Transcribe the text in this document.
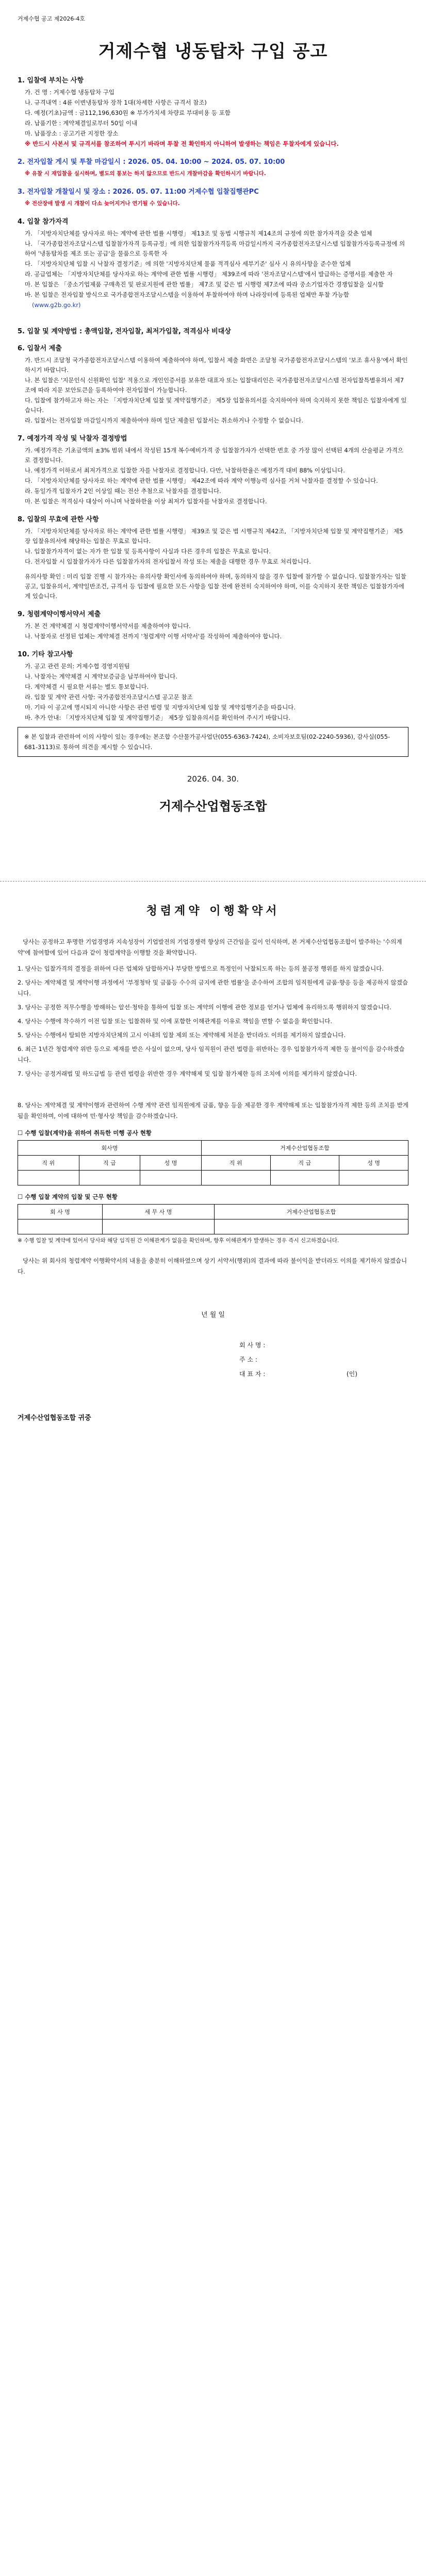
거제수협 공고 제2026-4호
거제수협 냉동탑차 구입 공고
1. 입찰에 부치는 사항
가. 건 명 : 거제수협 냉동탑차 구입
나. 규격내역 : 4륜 이변냉동탑차 장착 1대(차세한 사항은 규격서 참조)
다. 예정(기초)금액 : 금112,196,630원 ※ 부가가치세 차량료 부대비용 등 포함
라. 납품기한 : 계약체결일로부터 50일 이내
마. 납품장소 : 공고기관 지정한 장소
※ 반드시 사본서 및 규격서를 참조하여 투시기 바라며 투찰 전 확인하지 아니하여 발생하는 책임은 투찰자에게 있습니다.
2. 전자입찰 게시 및 투찰 마감일시 : 2026. 05. 04. 10:00 ~ 2024. 05. 07. 10:00
※ 유찰 시 재입찰을 실시하며, 별도의 통보는 하지 않으므로 반드시 개찰마감을 확인하시기 바랍니다.
3. 전자입찰 개찰일시 및 장소 : 2026. 05. 07. 11:00 거제수협 입찰집행관PC
※ 전산장애 발생 시 개찰이 다소 늦어지거나 연기될 수 있습니다.
4. 입찰 참가자격
가. 「지방자치단체를 당사자로 하는 계약에 관한 법률 시행령」 제13조 및 동법 시행규칙 제14조의 규정에 의한 참가자격을 갖춘 업체
나. 「국가종합전자조달시스템 입찰참가자격 등록규정」에 의한 입찰참가자격등록 마감일시까지 국가종합전자조달시스템 입찰참가자등록규정에 의하여 '냉동탑차를 제조 또는 공급'을 물품으로 등록한 자
다. 「지방자치단체 입찰 시 낙찰자 결정기준」에 의한 '지방자치단체 물품 적격심사 세부기준' 심사 시 유의사항을 준수한 업체
라. 공급업체는 「지방자치단체를 당사자로 하는 계약에 관한 법률 시행령」 제39조에 따라 '전자조달시스템'에서 발급하는 증명서를 제출한 자
마. 본 입찰은 「중소기업제품 구매촉진 및 판로지원에 관한 법률」 제7조 및 같은 법 시행령 제7조에 따라 중소기업자간 경쟁입찰을 실시함
바. 본 입찰은 전자입찰 방식으로 국가종합전자조달시스템을 이용하여 투찰하여야 하며 나라장터에 등록된 업체만 투찰 가능함
(www.g2b.go.kr)
5. 입찰 및 계약방법 : 총액입찰, 전자입찰, 최저가입찰, 적격심사 비대상
6. 입찰서 제출
가. 반드시 조달청 국가종합전자조달시스템 이용하여 제출하여야 하며, 입찰서 제출 화면은 조달청 국가종합전자조달시스템의 '보조 휴사용'에서 확인하시기 바랍니다.
나. 본 입찰은 '지문인식 신원확인 입찰' 적용으로 개인인증서를 보유한 대표자 또는 입찰대리인은 국가종합전자조달시스템 전자입찰특별유의서 제7조에 따라 지문 보안토큰을 등록하여야 전자입찰이 가능합니다.
다. 입찰에 참가하고자 하는 자는 「지방자치단체 입찰 및 계약집행기준」 제5장 입찰유의서를 숙지하여야 하며 숙지하지 못한 책임은 입찰자에게 있습니다.
라. 입찰서는 전자입찰 마감일시까지 제출하여야 하며 일단 제출된 입찰서는 취소하거나 수정할 수 없습니다.
7. 예정가격 작성 및 낙찰자 결정방법
가. 예정가격은 기초금액의 ±3% 범위 내에서 작성된 15개 복수예비가격 중 입찰참가자가 선택한 번호 중 가장 많이 선택된 4개의 산술평균 가격으로 결정합니다.
나. 예정가격 이하로서 최저가격으로 입찰한 자를 낙찰자로 결정합니다. 다만, 낙찰하한율은 예정가격 대비 88% 이상입니다.
다. 「지방자치단체를 당사자로 하는 계약에 관한 법률 시행령」 제42조에 따라 계약 이행능력 심사를 거쳐 낙찰자를 결정할 수 있습니다.
라. 동일가격 입찰자가 2인 이상일 때는 전산 추첨으로 낙찰자를 결정합니다.
마. 본 입찰은 적격심사 대상이 아니며 낙찰하한율 이상 최저가 입찰자를 낙찰자로 결정합니다.
8. 입찰의 무효에 관한 사항
가. 「지방자치단체를 당사자로 하는 계약에 관한 법률 시행령」 제39조 및 같은 법 시행규칙 제42조, 「지방자치단체 입찰 및 계약집행기준」 제5장 입찰유의서에 해당하는 입찰은 무효로 합니다.
나. 입찰참가자격이 없는 자가 한 입찰 및 등록사항이 사실과 다른 경우의 입찰은 무효로 합니다.
다. 전자입찰 시 입찰참가자가 다른 입찰참가자의 전자입찰서 작성 또는 제출을 대행한 경우 무효로 처리합니다.
유의사항 확인 : 미리 입찰 진행 시 참가자는 유의사항 확인서에 동의하여야 하며, 동의하지 않을 경우 입찰에 참가할 수 없습니다. 입찰참가자는 입찰공고, 입찰유의서, 계약일반조건, 규격서 등 입찰에 필요한 모든 사항을 입찰 전에 완전히 숙지하여야 하며, 이를 숙지하지 못한 책임은 입찰참가자에게 있습니다.
9. 청렴계약이행서약서 제출
가. 본 건 계약체결 시 청렴계약이행서약서를 제출하여야 합니다.
나. 낙찰자로 선정된 업체는 계약체결 전까지 '청렴계약 이행 서약서'를 작성하여 제출하여야 합니다.
10. 기타 참고사항
가. 공고 관련 문의: 거제수협 경영지원팀
나. 낙찰자는 계약체결 시 계약보증금을 납부하여야 합니다.
다. 계약체결 시 필요한 서류는 별도 통보합니다.
라. 입찰 및 계약 관련 사항: 국가종합전자조달시스템 공고문 참조
마. 기타 이 공고에 명시되지 아니한 사항은 관련 법령 및 지방자치단체 입찰 및 계약집행기준을 따릅니다.
바. 추가 안내: 「지방자치단체 입찰 및 계약집행기준」 제5장 입찰유의서를 확인하여 주시기 바랍니다.
※ 본 입찰과 관련하여 이의 사항이 있는 경우에는 본조합 수산물가공사업단(055-6363-7424), 소비자보호팀(02-2240-5936), 감사실(055-681-3113)로 통하여 의견을 제시할 수 있습니다.
2026. 04. 30.
거제수산업협동조합
청렴계약 이행확약서
당사는 공정하고 투명한 기업경영과 지속성장이 기업발전의 기업경쟁력 향상의 근간임을 깊이 인식하며, 본 거제수산업협동조합이 발주하는 '수의계약'에 참여함에 있어 다음과 같이 청렴계약을 이행할 것을 확약합니다.
1. 당사는 입찰가격의 결정을 위하여 다른 업체와 담합하거나 부당한 방법으로 특정인이 낙찰되도록 하는 등의 불공정 행위를 하지 않겠습니다.
2. 당사는 계약체결 및 계약이행 과정에서 '부정청탁 및 금품등 수수의 금지에 관한 법률'을 준수하여 조합의 임직원에게 금품·향응 등을 제공하지 않겠습니다.
3. 당사는 공정한 직무수행을 방해하는 알선·청탁을 통하여 입찰 또는 계약의 이행에 관한 정보를 얻거나 업체에 유리하도록 행위하지 않겠습니다.
4. 당사는 수행에 착수하기 이전 입찰 또는 입찰취하 및 이에 포함한 이해관계를 이유로 책임을 면할 수 없음을 확인합니다.
5. 당사는 수행에서 탈퇴한 지방자치단체의 고시 이내의 입찰 제외 또는 계약해제 처분을 받더라도 이의를 제기하지 않겠습니다.
6. 최근 1년간 청렴계약 위반 등으로 제재를 받은 사실이 없으며, 당사 임직원이 관련 법령을 위반하는 경우 입찰참가자격 제한 등 불이익을 감수하겠습니다.
7. 당사는 공정거래법 및 하도급법 등 관련 법령을 위반한 경우 계약해제 및 입찰 참가제한 등의 조치에 이의를 제기하지 않겠습니다.
8. 당사는 계약체결 및 계약이행과 관련하여 수행 계약 관련 임직원에게 금품, 향응 등을 제공한 경우 계약해제 또는 입찰참가자격 제한 등의 조치를 받게 됨을 확인하며, 이에 대하여 민·형사상 책임을 감수하겠습니다.
☐ 수행 입찰(계약)을 위하여 취득한 미행 공사 현황
회사명			거제수산업협동조합		
직 위	직 급	성 명	직 위	직 급	성 명

☐ 수행 입찰 계약의 입찰 및 근무 현황
회 사 명	세 무 사 명	거제수산업협동조합

※ 수행 입찰 및 계약에 있어서 당사와 해당 임직원 간 이해관계가 없음을 확인하며, 향후 이해관계가 발생하는 경우 즉시 신고하겠습니다.
당사는 위 회사의 청렴계약 이행확약서의 내용을 충분히 이해하였으며 상기 서약서(행위)의 결과에 따라 불이익을 받더라도 이의를 제기하지 않겠습니다.
년 월 일
회 사 명 :
주 소 :
대 표 자 :	(인)
거제수산업협동조합 귀중
